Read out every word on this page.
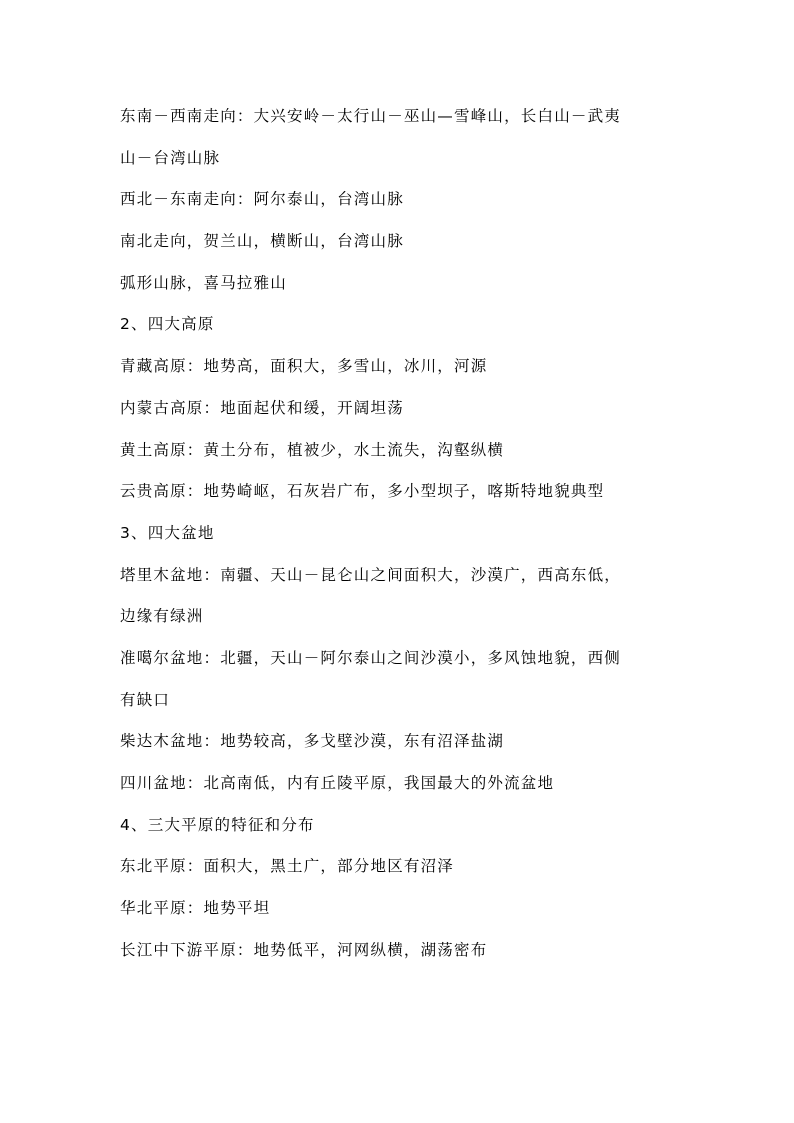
东南－西南走向：大兴安岭－太行山－巫山—雪峰山，长白山－武夷
山－台湾山脉
西北－东南走向：阿尔泰山，台湾山脉
南北走向，贺兰山，横断山，台湾山脉
弧形山脉，喜马拉雅山
2、四大高原
青藏高原：地势高，面积大，多雪山，冰川，河源
内蒙古高原：地面起伏和缓，开阔坦荡
黄土高原：黄土分布，植被少，水土流失，沟壑纵横
云贵高原：地势崎岖，石灰岩广布，多小型坝子，喀斯特地貌典型
3、四大盆地
塔里木盆地：南疆、天山－昆仑山之间面积大，沙漠广，西高东低，
边缘有绿洲
准噶尔盆地：北疆，天山－阿尔泰山之间沙漠小，多风蚀地貌，西侧
有缺口
柴达木盆地：地势较高，多戈壁沙漠，东有沼泽盐湖
四川盆地：北高南低，内有丘陵平原，我国最大的外流盆地
4、三大平原的特征和分布
东北平原：面积大，黑土广，部分地区有沼泽
华北平原：地势平坦
长江中下游平原：地势低平，河网纵横，湖荡密布
